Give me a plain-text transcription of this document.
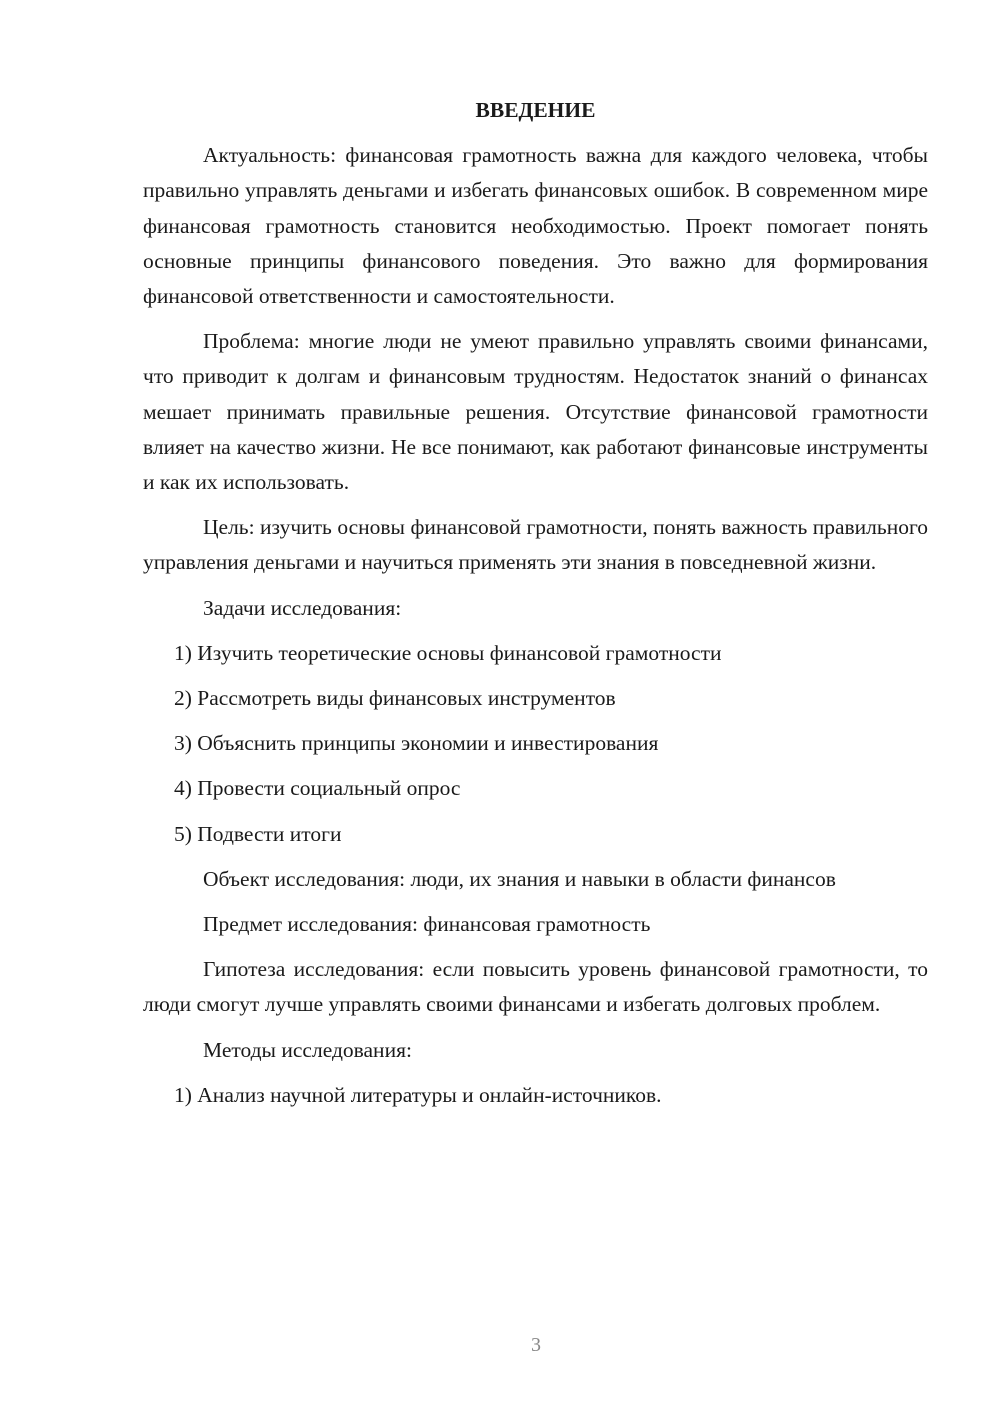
ВВЕДЕНИЕ
Актуальность: финансовая грамотность важна для каждого человека, чтобы правильно управлять деньгами и избегать финансовых ошибок. В современном мире финансовая грамотность становится необходимостью. Проект помогает понять основные принципы финансового поведения. Это важно для формирования финансовой ответственности и самостоятельности.
Проблема: многие люди не умеют правильно управлять своими финансами, что приводит к долгам и финансовым трудностям. Недостаток знаний о финансах мешает принимать правильные решения. Отсутствие финансовой грамотности влияет на качество жизни. Не все понимают, как работают финансовые инструменты и как их использовать.
Цель: изучить основы финансовой грамотности, понять важность правильного управления деньгами и научиться применять эти знания в повседневной жизни.
Задачи исследования:
1) Изучить теоретические основы финансовой грамотности
2) Рассмотреть виды финансовых инструментов
3) Объяснить принципы экономии и инвестирования
4) Провести социальный опрос
5) Подвести итоги
Объект исследования: люди, их знания и навыки в области финансов
Предмет исследования: финансовая грамотность
Гипотеза исследования: если повысить уровень финансовой грамотности, то люди смогут лучше управлять своими финансами и избегать долговых проблем.
Методы исследования:
1) Анализ научной литературы и онлайн-источников.
3
